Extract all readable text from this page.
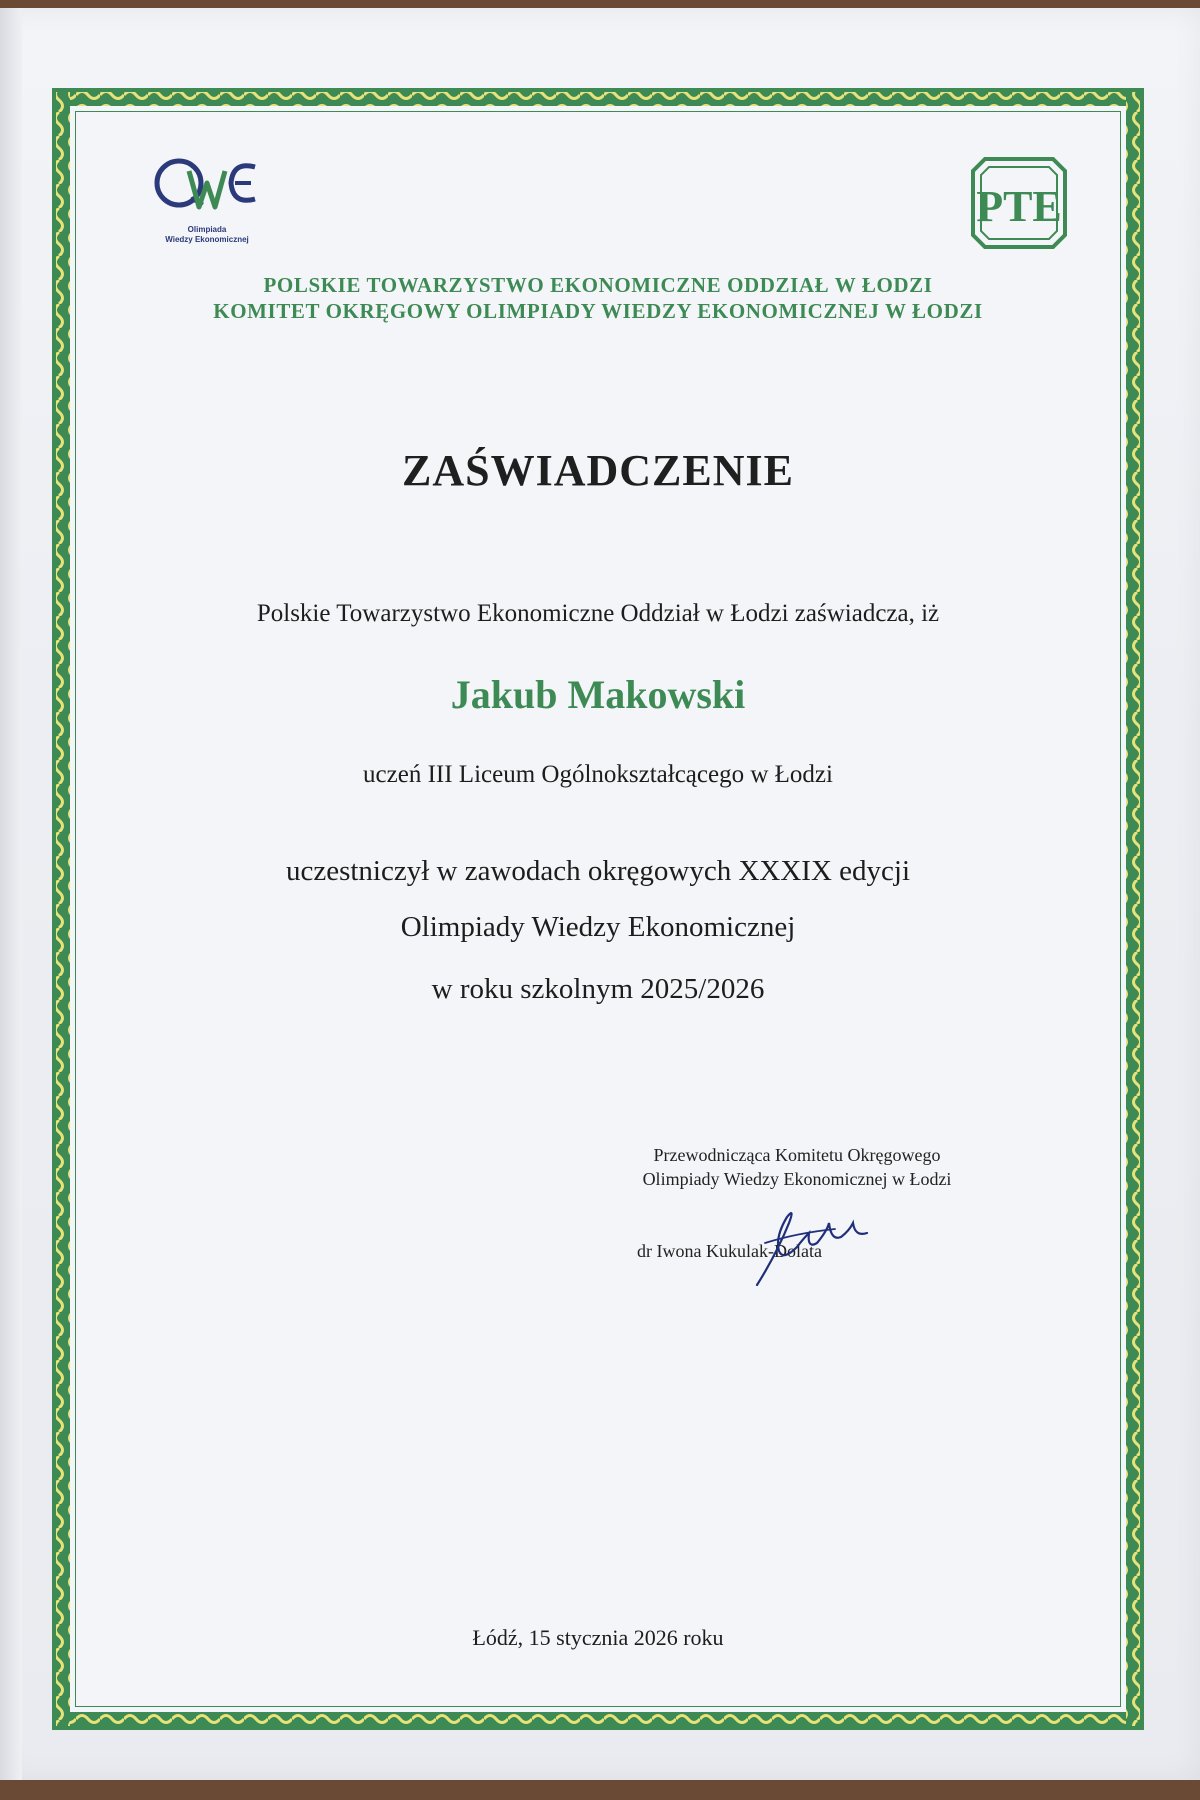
Olimpiada
Wiedzy Ekonomicznej
PTE
POLSKIE TOWARZYSTWO EKONOMICZNE ODDZIAŁ W ŁODZI
KOMITET OKRĘGOWY OLIMPIADY WIEDZY EKONOMICZNEJ W ŁODZI
ZAŚWIADCZENIE
Polskie Towarzystwo Ekonomiczne Oddział w Łodzi zaświadcza, iż
Jakub Makowski
uczeń III Liceum Ogólnokształcącego w Łodzi
uczestniczył w zawodach okręgowych XXXIX edycji
Olimpiady Wiedzy Ekonomicznej
w roku szkolnym 2025/2026
Przewodnicząca Komitetu Okręgowego
Olimpiady Wiedzy Ekonomicznej w Łodzi
dr Iwona Kukulak-Dolata
Łódź, 15 stycznia 2026 roku
